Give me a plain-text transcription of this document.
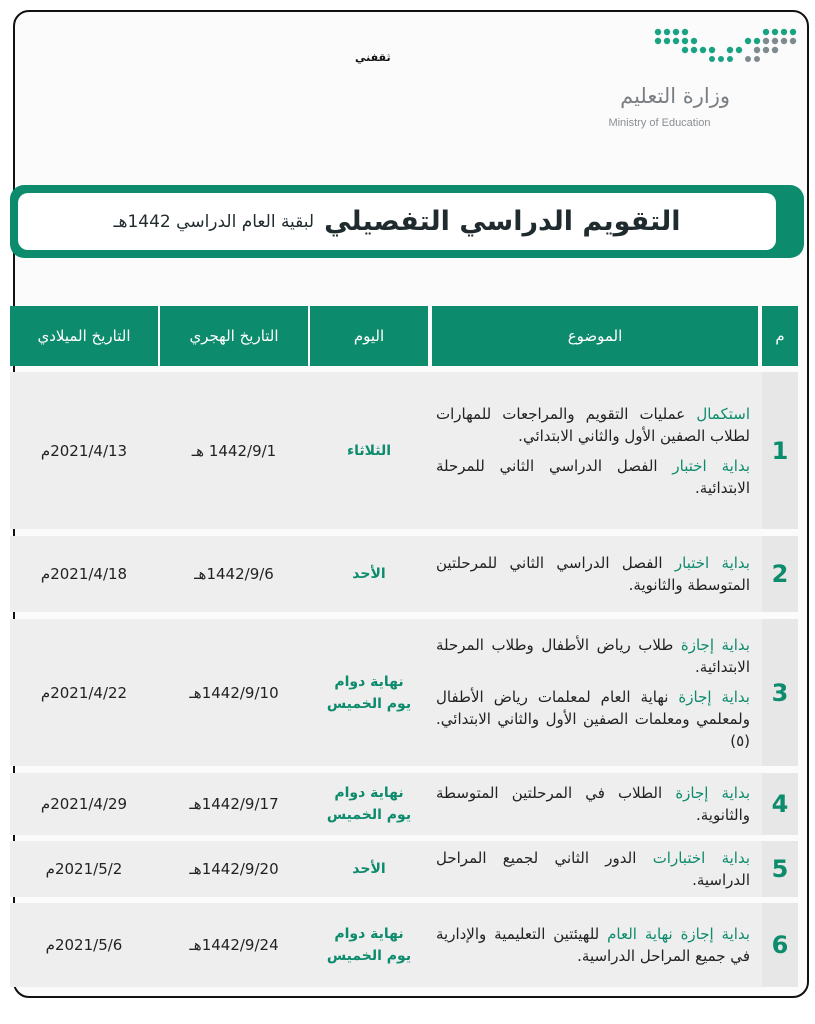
ثقفني
وزارة التعليم
Ministry of Education
التقويم الدراسي التفصيلي
لبقية العام الدراسي 1442هـ
م
الموضوع
اليوم
التاريخ الهجري
التاريخ الميلادي
1

استكمال عمليات التقويم والمراجعات للمهارات لطلاب الصفين الأول والثاني الابتدائي.

بداية اختبار الفصل الدراسي الثاني للمرحلة الابتدائية.

الثلاثاء
1442/9/1 هـ
2021/4/13م
2

بداية اختبار الفصل الدراسي الثاني للمرحلتين المتوسطة والثانوية.

الأحد
1442/9/6هـ
2021/4/18م
3

بداية إجازة طلاب رياض الأطفال وطلاب المرحلة الابتدائية.

بداية إجازة نهاية العام لمعلمات رياض الأطفال ولمعلمي ومعلمات الصفين الأول والثاني الابتدائي.(٥)

نهاية دوام
يوم الخميس
1442/9/10هـ
2021/4/22م
4

بداية إجازة الطلاب في المرحلتين المتوسطة والثانوية.

نهاية دوام
يوم الخميس
1442/9/17هـ
2021/4/29م
5

بداية اختبارات الدور الثاني لجميع المراحل الدراسية.

الأحد
1442/9/20هـ
2021/5/2م
6

بداية إجازة نهاية العام للهيئتين التعليمية والإدارية في جميع المراحل الدراسية.

نهاية دوام
يوم الخميس
1442/9/24هـ
2021/5/6م
